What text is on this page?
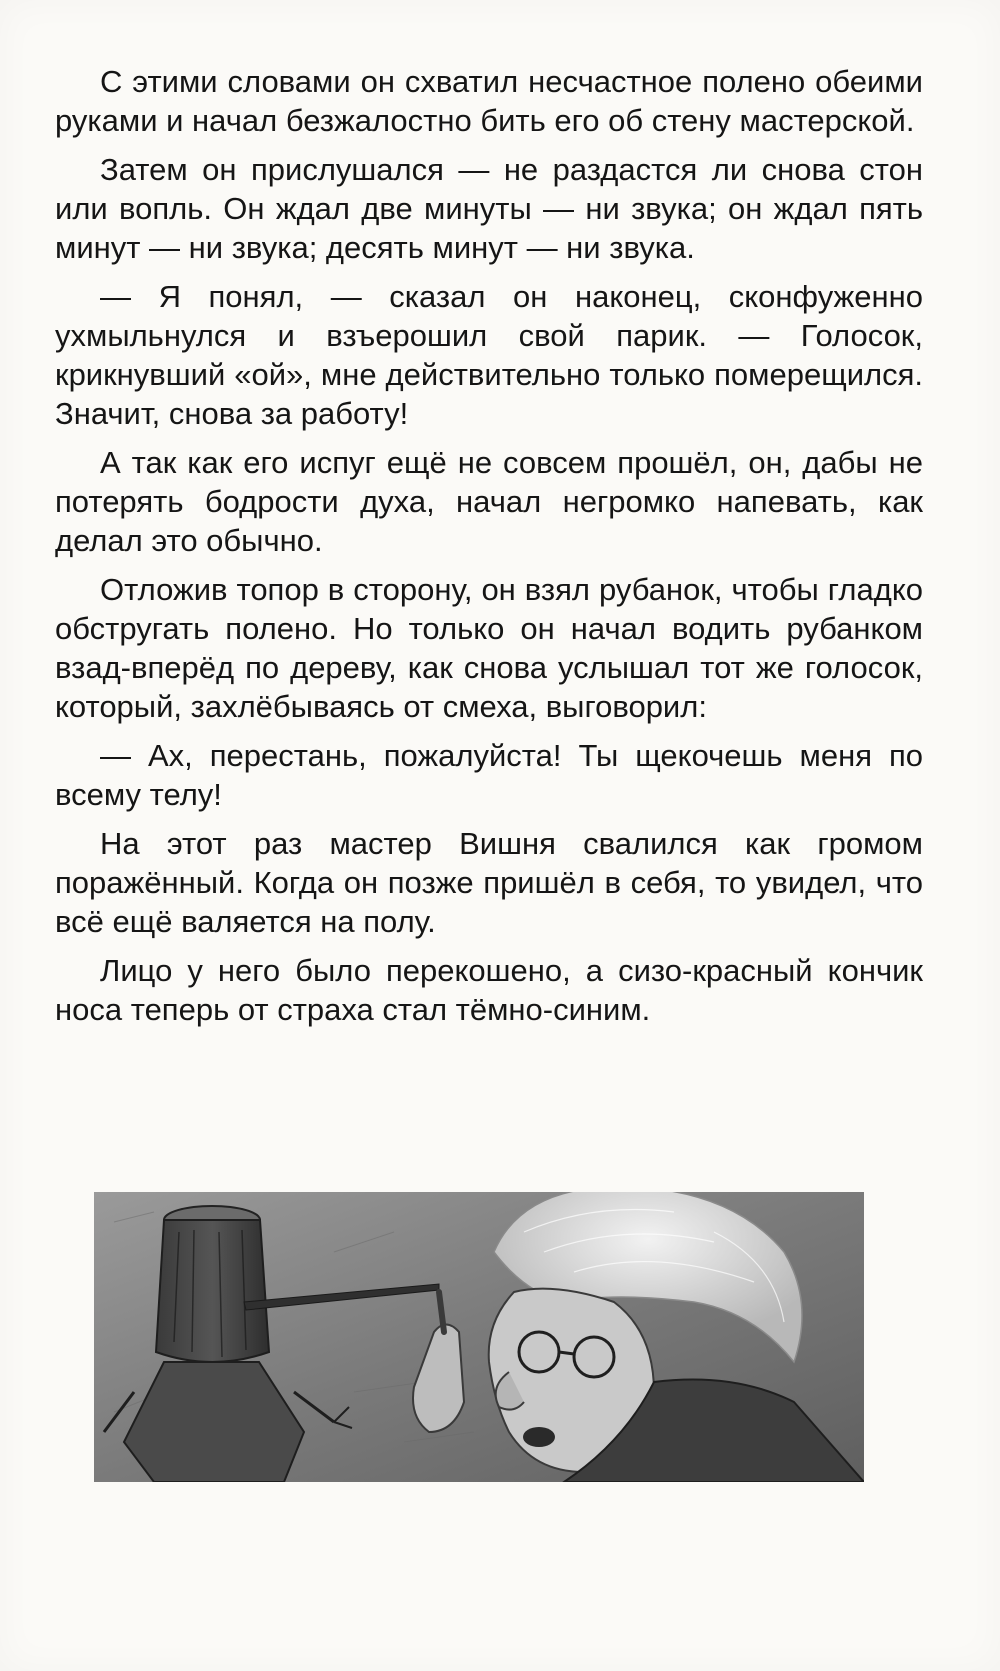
С этими словами он схватил несчастное полено обеими руками и начал безжалостно бить его об стену мастерской.

Затем он прислушался — не раздастся ли снова стон или вопль. Он ждал две минуты — ни звука; он ждал пять минут — ни звука; десять минут — ни звука.

— Я понял, — сказал он наконец, сконфуженно ухмыльнулся и взъерошил свой парик. — Голосок, крикнувший «ой», мне действительно только померещился. Значит, снова за работу!

А так как его испуг ещё не совсем прошёл, он, дабы не потерять бодрости духа, начал негромко напевать, как делал это обычно.

Отложив топор в сторону, он взял рубанок, чтобы гладко обстругать полено. Но только он начал водить рубанком взад-вперёд по дереву, как снова услышал тот же голосок, который, захлёбываясь от смеха, выговорил:

— Ах, перестань, пожалуйста! Ты щекочешь меня по всему телу!

На этот раз мастер Вишня свалился как громом поражённый. Когда он позже пришёл в себя, то увидел, что всё ещё валяется на полу.

Лицо у него было перекошено, а сизо-красный кончик носа теперь от страха стал тёмно-синим.
